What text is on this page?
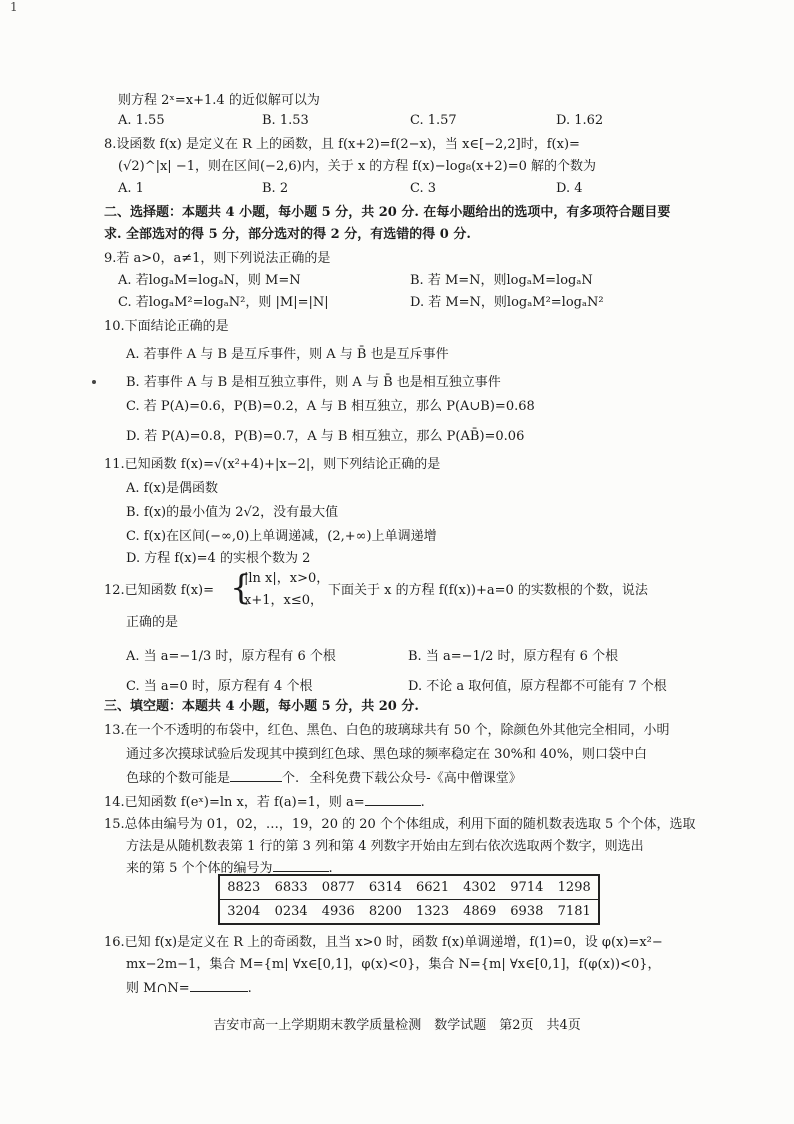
1
则方程 2ˣ=x+1.4 的近似解可以为
A. 1.55	B. 1.53	C. 1.57	D. 1.62
8.设函数 f(x) 是定义在 R 上的函数，且 f(x+2)=f(2−x)，当 x∈[−2,2]时，f(x)=
(√2)^|x| −1，则在区间(−2,6)内，关于 x 的方程 f(x)−log₈(x+2)=0 解的个数为
A. 1	B. 2	C. 3	D. 4
二、选择题：本题共 4 小题，每小题 5 分，共 20 分. 在每小题给出的选项中，有多项符合题目要
求. 全部选对的得 5 分，部分选对的得 2 分，有选错的得 0 分.
9.若 a>0，a≠1，则下列说法正确的是
A. 若logₐM=logₐN，则 M=N	B. 若 M=N，则logₐM=logₐN
C. 若logₐM²=logₐN²，则 |M|=|N|	D. 若 M=N，则logₐM²=logₐN²
10.下面结论正确的是
A. 若事件 A 与 B 是互斥事件，则 A 与 B̄ 也是互斥事件
B. 若事件 A 与 B 是相互独立事件，则 A 与 B̄ 也是相互独立事件
C. 若 P(A)=0.6，P(B)=0.2，A 与 B 相互独立，那么 P(A∪B)=0.68
D. 若 P(A)=0.8，P(B)=0.7，A 与 B 相互独立，那么 P(AB̄)=0.06
11.已知函数 f(x)=√(x²+4)+|x−2|，则下列结论正确的是
A. f(x)是偶函数
B. f(x)的最小值为 2√2，没有最大值
C. f(x)在区间(−∞,0)上单调递减，(2,+∞)上单调递增
D. 方程 f(x)=4 的实根个数为 2
12.已知函数 f(x)= {
|ln x|，x>0，
x+1，x≤0，
下面关于 x 的方程 f(f(x))+a=0 的实数根的个数，说法
正确的是
A. 当 a=−1/3 时，原方程有 6 个根	B. 当 a=−1/2 时，原方程有 6 个根
C. 当 a=0 时，原方程有 4 个根	D. 不论 a 取何值，原方程都不可能有 7 个根
三、填空题：本题共 4 小题，每小题 5 分，共 20 分.
13.在一个不透明的布袋中，红色、黑色、白色的玻璃球共有 50 个，除颜色外其他完全相同，小明
通过多次摸球试验后发现其中摸到红色球、黑色球的频率稳定在 30%和 40%，则口袋中白
色球的个数可能是	个. 全科免费下载公众号-《高中僧课堂》
14.已知函数 f(eˣ)=ln x，若 f(a)=1，则 a=	.
15.总体由编号为 01，02，…，19，20 的 20 个个体组成，利用下面的随机数表选取 5 个个体，选取
方法是从随机数表第 1 行的第 3 列和第 4 列数字开始由左到右依次选取两个数字，则选出
来的第 5 个个体的编号为	.
8823	6833	0877	6314	6621	4302	9714	1298
3204	0234	4936	8200	1323	4869	6938	7181
16.已知 f(x)是定义在 R 上的奇函数，且当 x>0 时，函数 f(x)单调递增，f(1)=0，设 φ(x)=x²−
mx−2m−1，集合 M={m| ∀x∈[0,1]，φ(x)<0}，集合 N={m| ∀x∈[0,1]，f(φ(x))<0}，
则 M∩N=	.
吉安市高一上学期期末教学质量检测　数学试题　第2页　共4页
